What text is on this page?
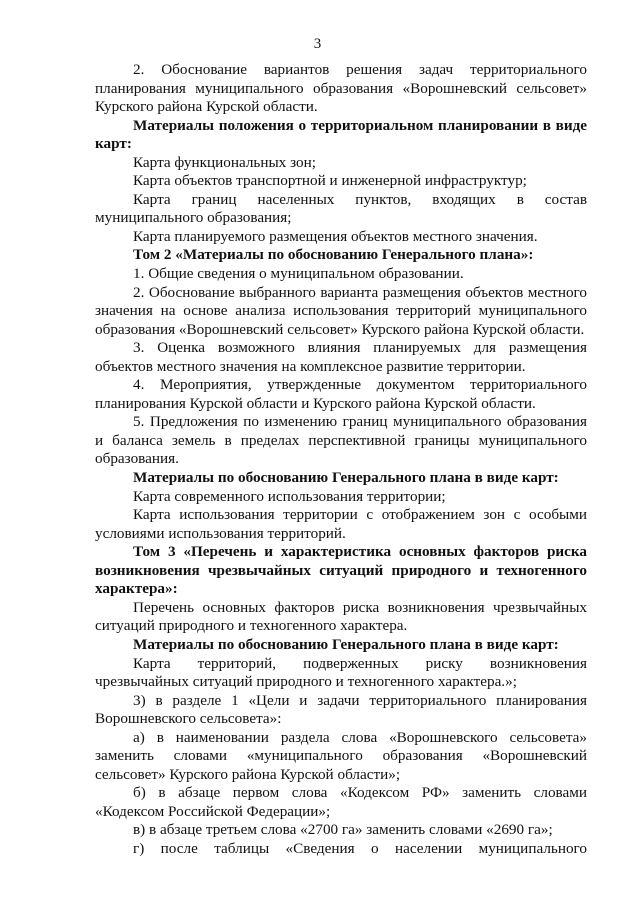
3

2. Обоснование вариантов решения задач территориального планирования муниципального образования «Ворошневский сельсовет» Курского района Курской области.

Материалы положения о территориальном планировании в виде карт:

Карта функциональных зон;

Карта объектов транспортной и инженерной инфраструктур;

Карта границ населенных пунктов, входящих в состав муниципального образования;

Карта планируемого размещения объектов местного значения.

Том 2 «Материалы по обоснованию Генерального плана»:

1. Общие сведения о муниципальном образовании.

2. Обоснование выбранного варианта размещения объектов местного значения на основе анализа использования территорий муниципального образования «Ворошневский сельсовет» Курского района Курской области.

3. Оценка возможного влияния планируемых для размещения объектов местного значения на комплексное развитие территории.

4. Мероприятия, утвержденные документом территориального планирования Курской области и Курского района Курской области.

5. Предложения по изменению границ муниципального образования и баланса земель в пределах перспективной границы муниципального образования.

Материалы по обоснованию Генерального плана в виде карт:

Карта современного использования территории;

Карта использования территории с отображением зон с особыми условиями использования территорий.

Том 3 «Перечень и характеристика основных факторов риска возникновения чрезвычайных ситуаций природного и техногенного характера»:

Перечень основных факторов риска возникновения чрезвычайных ситуаций природного и техногенного характера.

Материалы по обоснованию Генерального плана в виде карт:

Карта территорий, подверженных риску возникновения чрезвычайных ситуаций природного и техногенного характера.»;

3) в разделе 1 «Цели и задачи территориального планирования Ворошневского сельсовета»:

а) в наименовании раздела слова «Ворошневского сельсовета» заменить словами «муниципального образования «Ворошневский сельсовет» Курского района Курской области»;

б) в абзаце первом слова «Кодексом РФ» заменить словами «Кодексом Российской Федерации»;

в) в абзаце третьем слова «2700 га» заменить словами «2690 га»;

г) после таблицы «Сведения о населении муниципального
